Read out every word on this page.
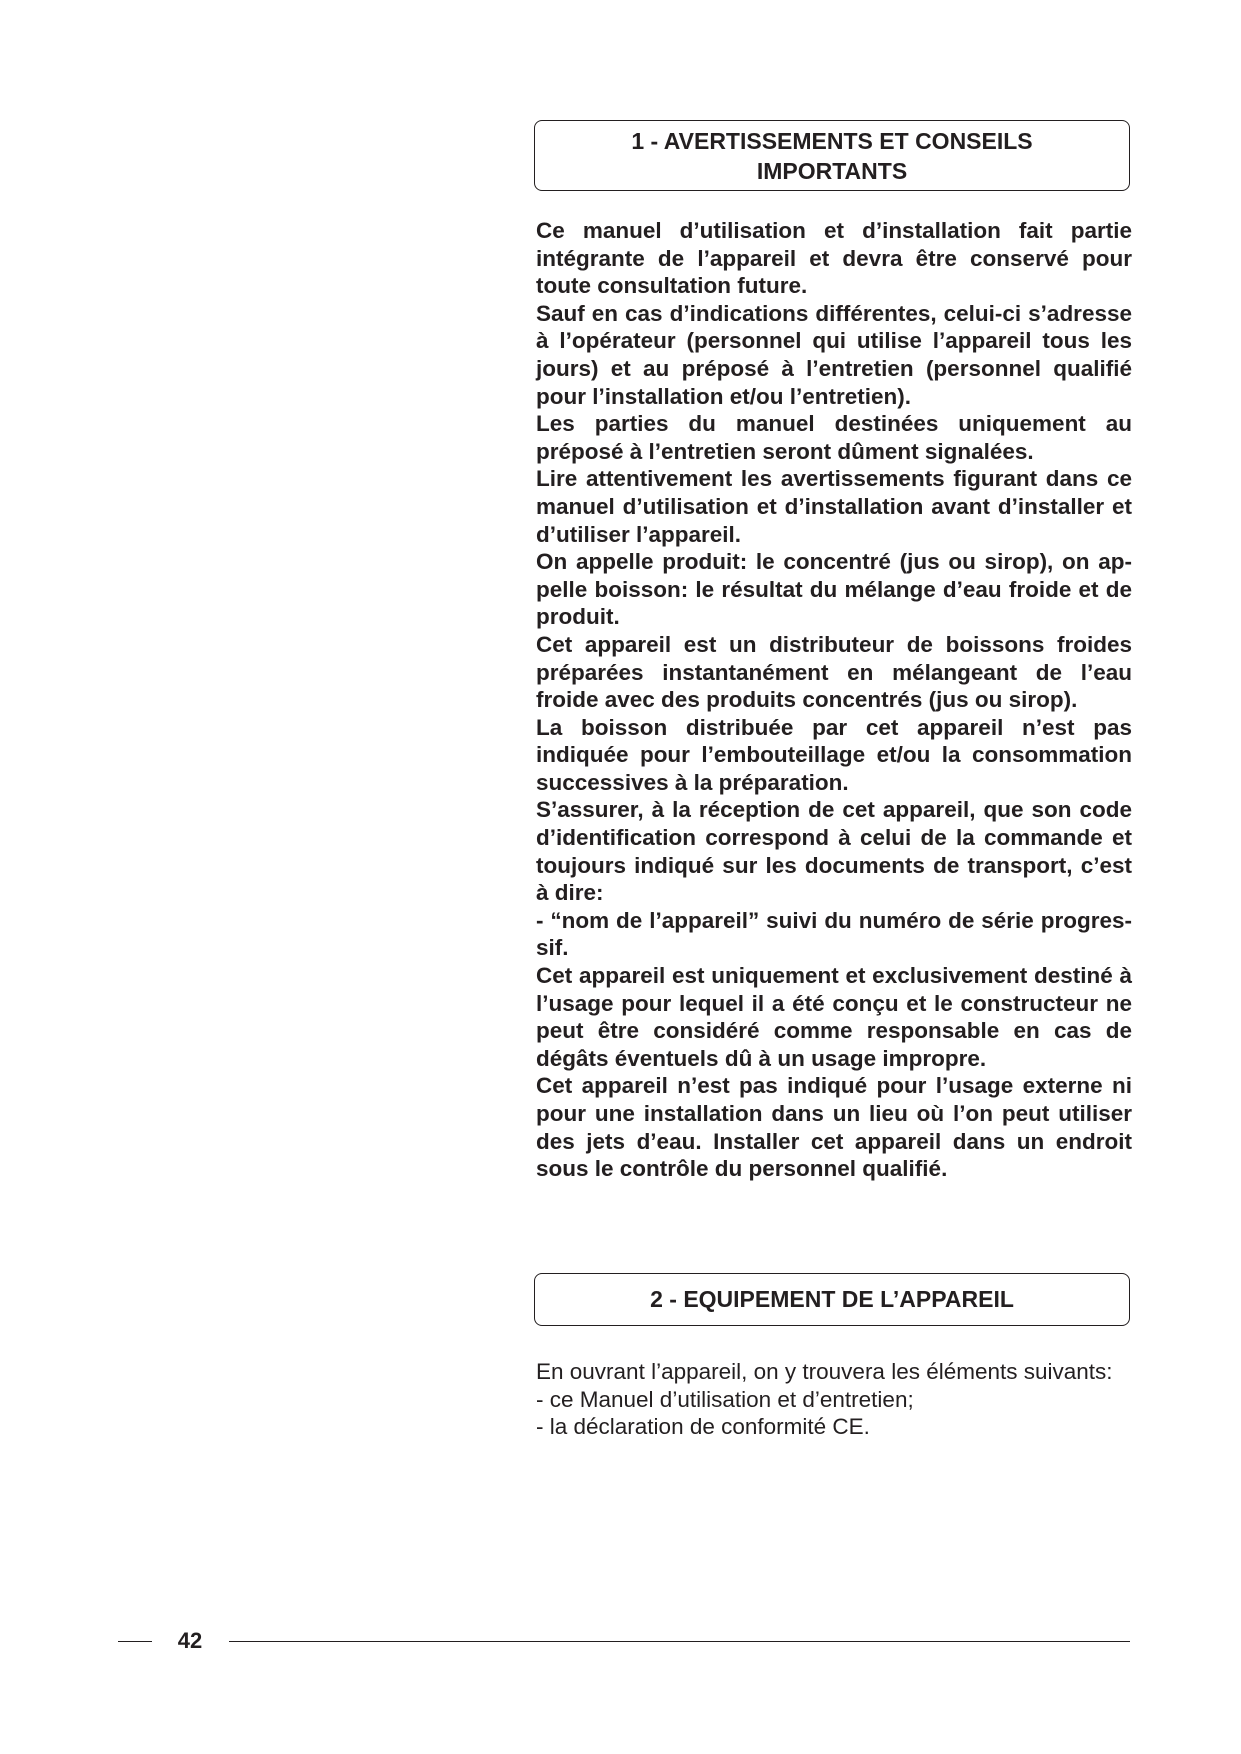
1 - AVERTISSEMENTS ET CONSEILS
IMPORTANTS

Ce manuel d’utilisation et d’installation fait partie intégrante de l’appareil et devra être conservé pour toute consultation future.

Sauf en cas d’indications différentes, celui-ci s’adresse à l’opérateur (personnel qui utilise l’appareil tous les jours) et au préposé à l’entretien (personnel qualifié pour l’installation et/ou l’entretien).

Les parties du manuel destinées uniquement au préposé à l’entretien seront dûment signalées.

Lire attentivement les avertissements figurant dans ce manuel d’utilisation et d’installation avant d’installer et d’utiliser l’appareil.

On appelle produit: le concentré (jus ou sirop), on appelle boisson: le résultat du mélange d’eau froide et de produit.

Cet appareil est un distributeur de boissons froides préparées instantanément en mélangeant de l’eau froide avec des produits concentrés (jus ou sirop).

La boisson distribuée par cet appareil n’est pas indiquée pour l’embouteillage et/ou la consommation successives à la préparation.

S’assurer, à la réception de cet appareil, que son code d’identification correspond à celui de la commande et toujours indiqué sur les documents de transport, c’est à dire:

- “nom de l’appareil” suivi du numéro de série progressif.

Cet appareil est uniquement et exclusivement destiné à l’usage pour lequel il a été conçu et le constructeur ne peut être considéré comme responsable en cas de dégâts éventuels dû à un usage impropre.

Cet appareil n’est pas indiqué pour l’usage externe ni pour une installation dans un lieu où l’on peut utiliser des jets d’eau. Installer cet appareil dans un endroit sous le contrôle du personnel qualifié.

2 - EQUIPEMENT DE L’APPAREIL

En ouvrant l’appareil, on y trouvera les éléments suivants:

- ce Manuel d’utilisation et d’entretien;

- la déclaration de conformité CE.

42
